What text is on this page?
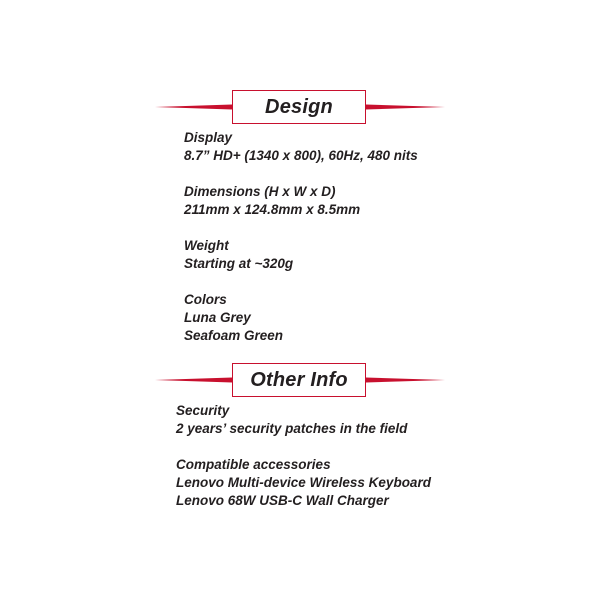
Design
Display
8.7” HD+ (1340 x 800), 60Hz, 480 nits
Dimensions (H x W x D)
211mm x 124.8mm x 8.5mm
Weight
Starting at ~320g
Colors
Luna Grey
Seafoam Green
Other Info
Security
2 years’ security patches in the field
Compatible accessories
Lenovo Multi-device Wireless Keyboard
Lenovo 68W USB-C Wall Charger
